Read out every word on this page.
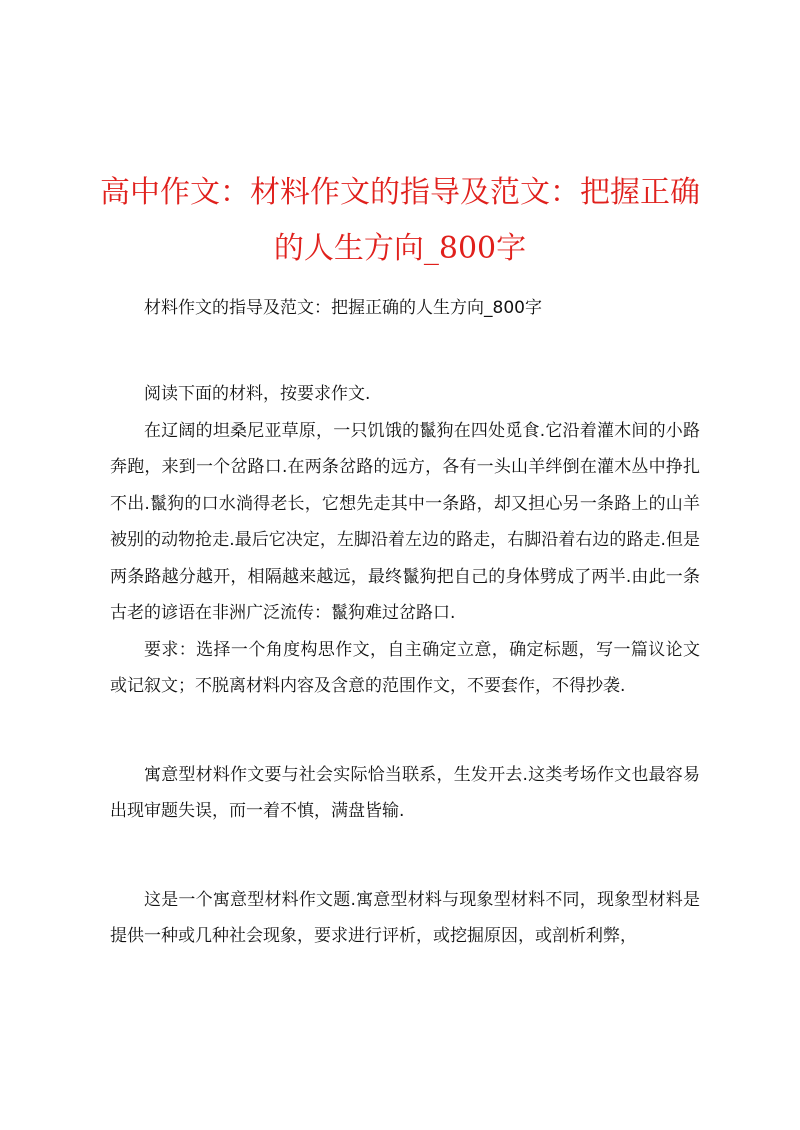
高中作文：材料作文的指导及范文：把握正确的人生方向_800字

材料作文的指导及范文：把握正确的人生方向_800字

阅读下面的材料，按要求作文.

在辽阔的坦桑尼亚草原，一只饥饿的鬣狗在四处觅食.它沿着灌木间的小路奔跑，来到一个岔路口.在两条岔路的远方，各有一头山羊绊倒在灌木丛中挣扎不出.鬣狗的口水淌得老长，它想先走其中一条路，却又担心另一条路上的山羊被别的动物抢走.最后它决定，左脚沿着左边的路走，右脚沿着右边的路走.但是两条路越分越开，相隔越来越远，最终鬣狗把自己的身体劈成了两半.由此一条古老的谚语在非洲广泛流传：鬣狗难过岔路口.

要求：选择一个角度构思作文，自主确定立意，确定标题，写一篇议论文或记叙文；不脱离材料内容及含意的范围作文，不要套作，不得抄袭.

寓意型材料作文要与社会实际恰当联系，生发开去.这类考场作文也最容易出现审题失误，而一着不慎，满盘皆输.

这是一个寓意型材料作文题.寓意型材料与现象型材料不同，现象型材料是提供一种或几种社会现象，要求进行评析，或挖掘原因，或剖析利弊，
